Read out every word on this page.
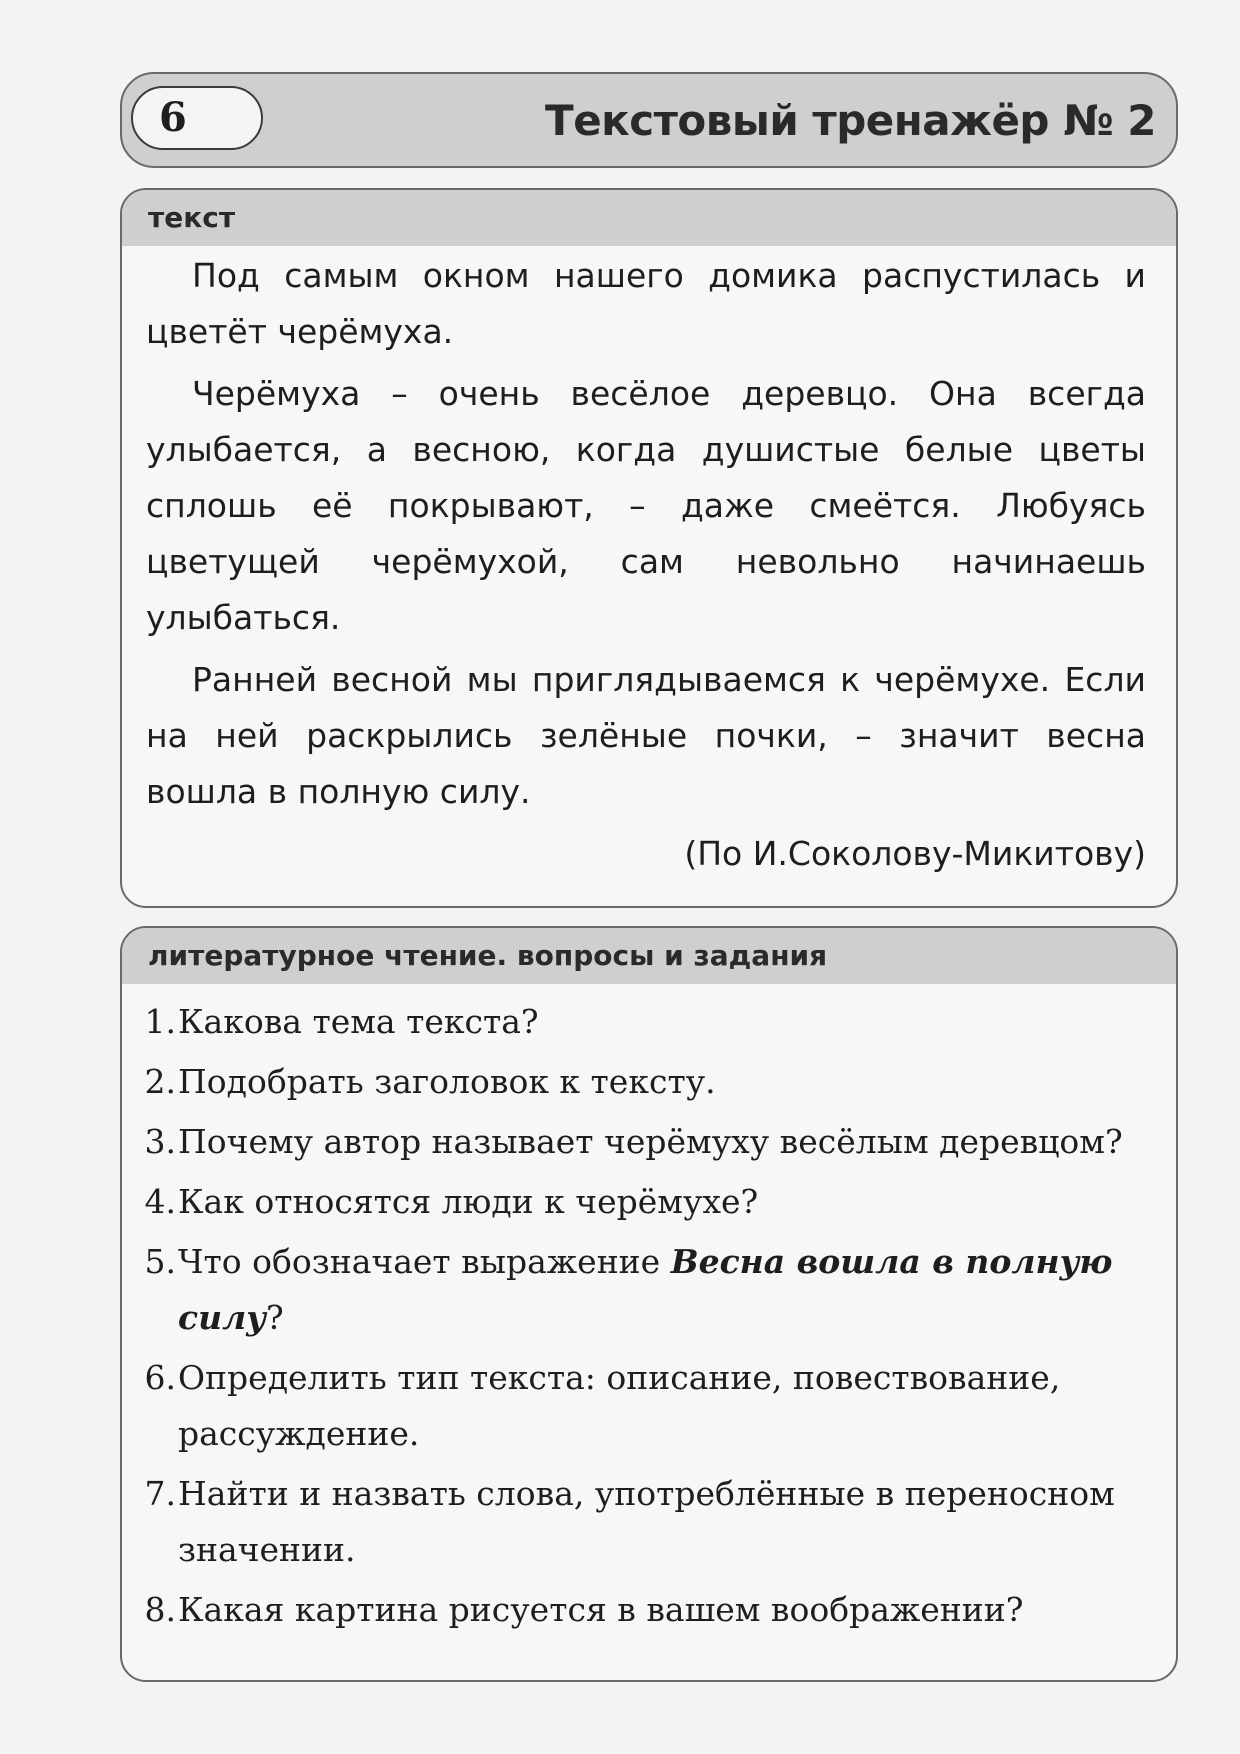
6	Текстовый тренажёр № 2
текст

Под самым окном нашего домика распустилась и цветёт черёмуха.

Черёмуха – очень весёлое деревцо. Она всегда улыбается, а весною, когда душистые белые цветы сплошь её покрывают, – даже смеётся. Любуясь цветущей черёмухой, сам невольно начинаешь улыбаться.

Ранней весной мы приглядываемся к черёмухе. Если на ней раскрылись зелёные почки, – значит весна вошла в полную силу.

(По И.Соколову-Микитову)
литературное чтение. вопросы и задания
1. Какова тема текста?
2. Подобрать заголовок к тексту.
3. Почему автор называет черёмуху весёлым деревцом?
4. Как относятся люди к черёмухе?
5. Что обозначает выражение Весна вошла в полную силу?
6. Определить тип текста: описание, повествование, рассуждение.
7. Найти и назвать слова, употреблённые в переносном значении.
8. Какая картина рисуется в вашем воображении?
